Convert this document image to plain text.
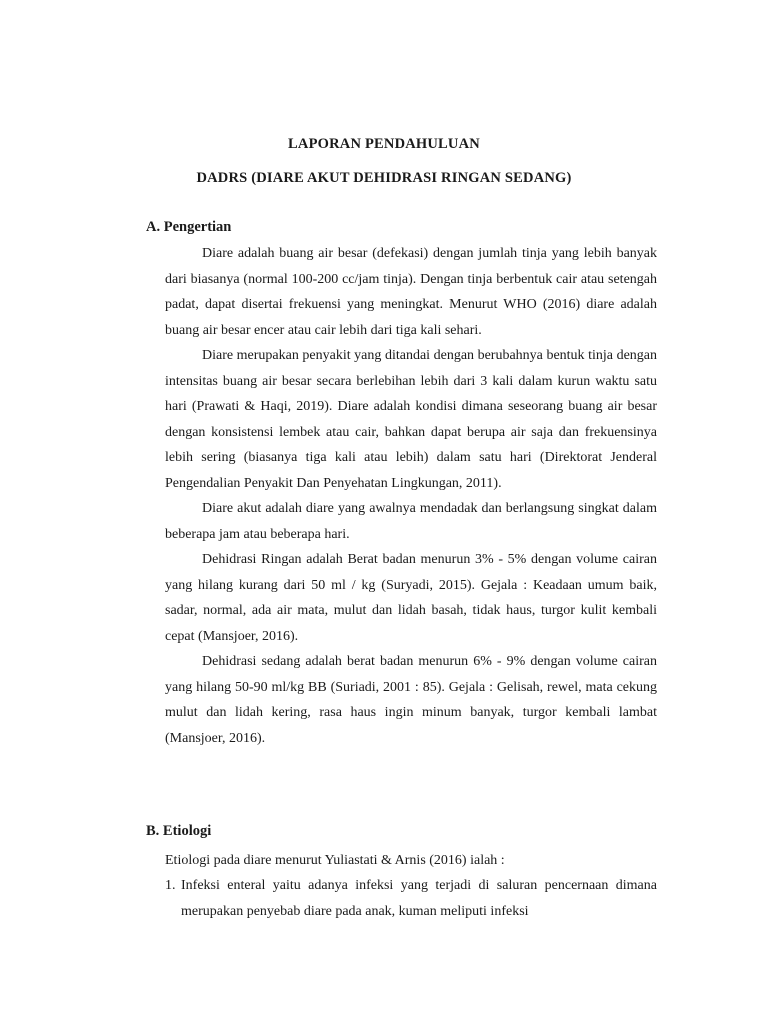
LAPORAN PENDAHULUAN
DADRS (DIARE AKUT DEHIDRASI RINGAN SEDANG)
A. Pengertian

Diare adalah buang air besar (defekasi) dengan jumlah tinja yang lebih banyak dari biasanya (normal 100-200 cc/jam tinja). Dengan tinja berbentuk cair atau setengah padat, dapat disertai frekuensi yang meningkat. Menurut WHO (2016) diare adalah buang air besar encer atau cair lebih dari tiga kali sehari.

Diare merupakan penyakit yang ditandai dengan berubahnya bentuk tinja dengan intensitas buang air besar secara berlebihan lebih dari 3 kali dalam kurun waktu satu hari (Prawati & Haqi, 2019). Diare adalah kondisi dimana seseorang buang air besar dengan konsistensi lembek atau cair, bahkan dapat berupa air saja dan frekuensinya lebih sering (biasanya tiga kali atau lebih) dalam satu hari (Direktorat Jenderal Pengendalian Penyakit Dan Penyehatan Lingkungan, 2011).

Diare akut adalah diare yang awalnya mendadak dan berlangsung singkat dalam beberapa jam atau beberapa hari.

Dehidrasi Ringan adalah Berat badan menurun 3% - 5% dengan volume cairan yang hilang kurang dari 50 ml / kg (Suryadi, 2015). Gejala : Keadaan umum baik, sadar, normal, ada air mata, mulut dan lidah basah, tidak haus, turgor kulit kembali cepat (Mansjoer, 2016).

Dehidrasi sedang adalah berat badan menurun 6% - 9% dengan volume cairan yang hilang 50-90 ml/kg BB (Suriadi, 2001 : 85). Gejala : Gelisah, rewel, mata cekung mulut dan lidah kering, rasa haus ingin minum banyak, turgor kembali lambat (Mansjoer, 2016).

B. Etiologi
Etiologi pada diare menurut Yuliastati & Arnis (2016) ialah :
1. Infeksi enteral yaitu adanya infeksi yang terjadi di saluran pencernaan dimana merupakan penyebab diare pada anak, kuman meliputi infeksi
